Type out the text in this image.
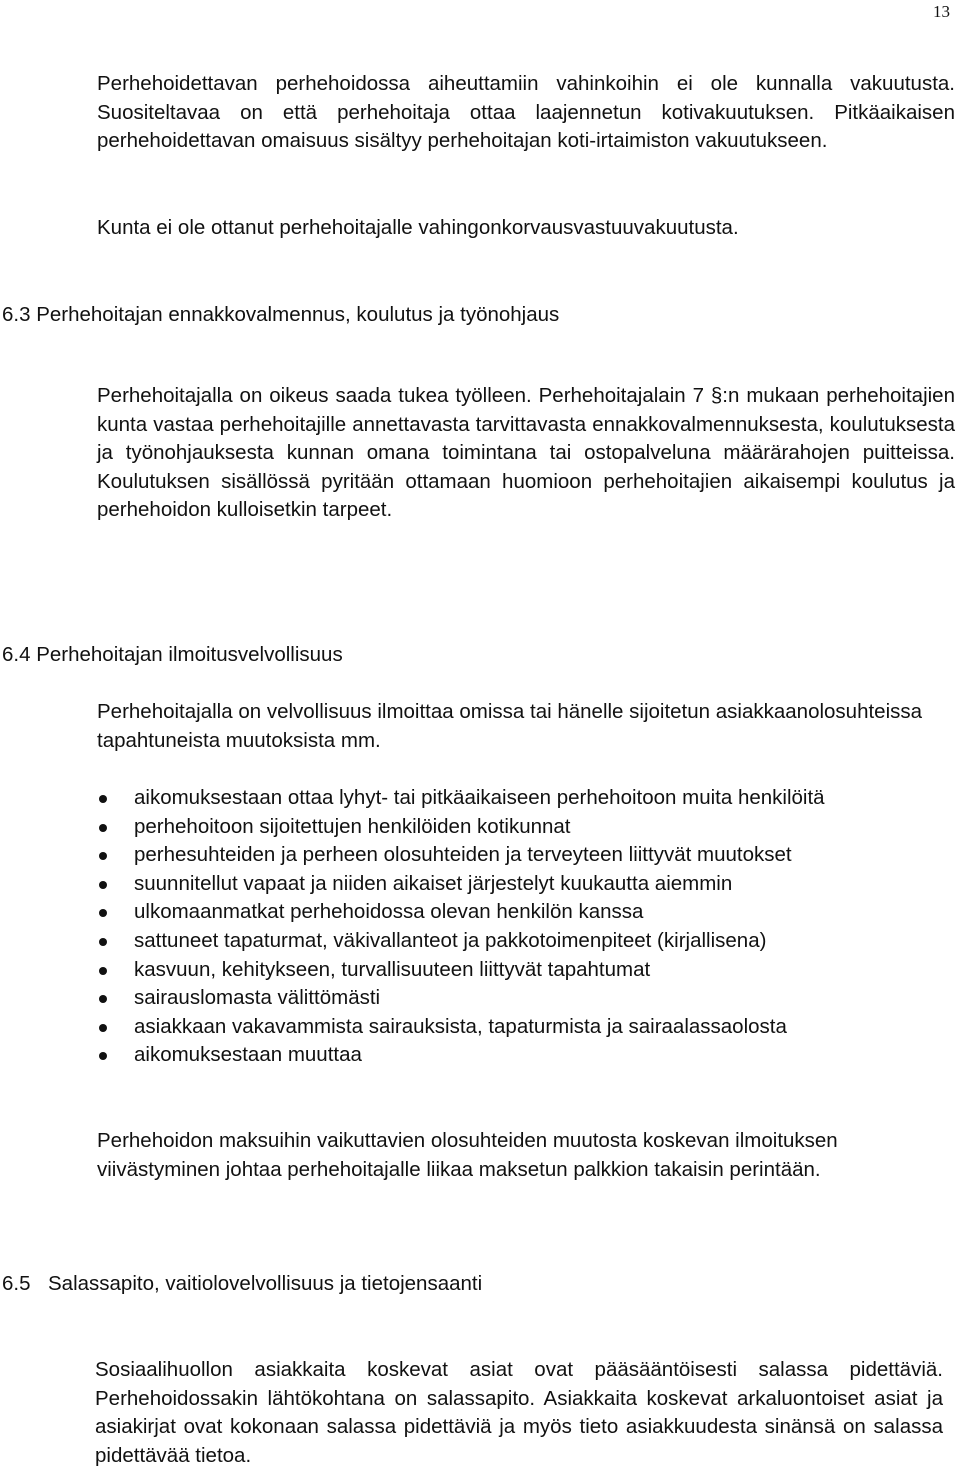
13

Perhehoidettavan perhehoidossa aiheuttamiin vahinkoihin ei ole kunnalla vakuutusta. Suositeltavaa on että perhehoitaja ottaa laajennetun kotivakuutuksen. Pitkäaikaisen perhehoidettavan omaisuus sisältyy perhehoitajan koti-irtaimiston vakuutukseen.

Kunta ei ole ottanut perhehoitajalle vahingonkorvausvastuuvakuutusta.

6.3 Perhehoitajan ennakkovalmennus, koulutus ja työnohjaus

Perhehoitajalla on oikeus saada tukea työlleen. Perhehoitajalain 7 §:n mukaan perhehoitajien kunta vastaa perhehoitajille annettavasta tarvittavasta ennakkovalmennuksesta, koulutuksesta ja työnohjauksesta kunnan omana toimintana tai ostopalveluna määrärahojen puitteissa. Koulutuksen sisällössä pyritään ottamaan huomioon perhehoitajien aikaisempi koulutus ja perhehoidon kulloisetkin tarpeet.

6.4 Perhehoitajan ilmoitusvelvollisuus

Perhehoitajalla on velvollisuus ilmoittaa omissa tai hänelle sijoitetun asiakkaanolosuhteissa tapahtuneista muutoksista mm.

aikomuksestaan ottaa lyhyt- tai pitkäaikaiseen perhehoitoon muita henkilöitä
perhehoitoon sijoitettujen henkilöiden kotikunnat
perhesuhteiden ja perheen olosuhteiden ja terveyteen liittyvät muutokset
suunnitellut vapaat ja niiden aikaiset järjestelyt kuukautta aiemmin
ulkomaanmatkat perhehoidossa olevan henkilön kanssa
sattuneet tapaturmat, väkivallanteot ja pakkotoimenpiteet (kirjallisena)
kasvuun, kehitykseen, turvallisuuteen liittyvät tapahtumat
sairauslomasta välittömästi
asiakkaan vakavammista sairauksista, tapaturmista ja sairaalassaolosta
aikomuksestaan muuttaa

Perhehoidon maksuihin vaikuttavien olosuhteiden muutosta koskevan ilmoituksen viivästyminen johtaa perhehoitajalle liikaa maksetun palkkion takaisin perintään.

6.5 Salassapito, vaitiolovelvollisuus ja tietojensaanti

Sosiaalihuollon asiakkaita koskevat asiat ovat pääsääntöisesti salassa pidettäviä. Perhehoidossakin lähtökohtana on salassapito. Asiakkaita koskevat arkaluontoiset asiat ja asiakirjat ovat kokonaan salassa pidettäviä ja myös tieto asiakkuudesta sinänsä on salassa pidettävää tietoa.
